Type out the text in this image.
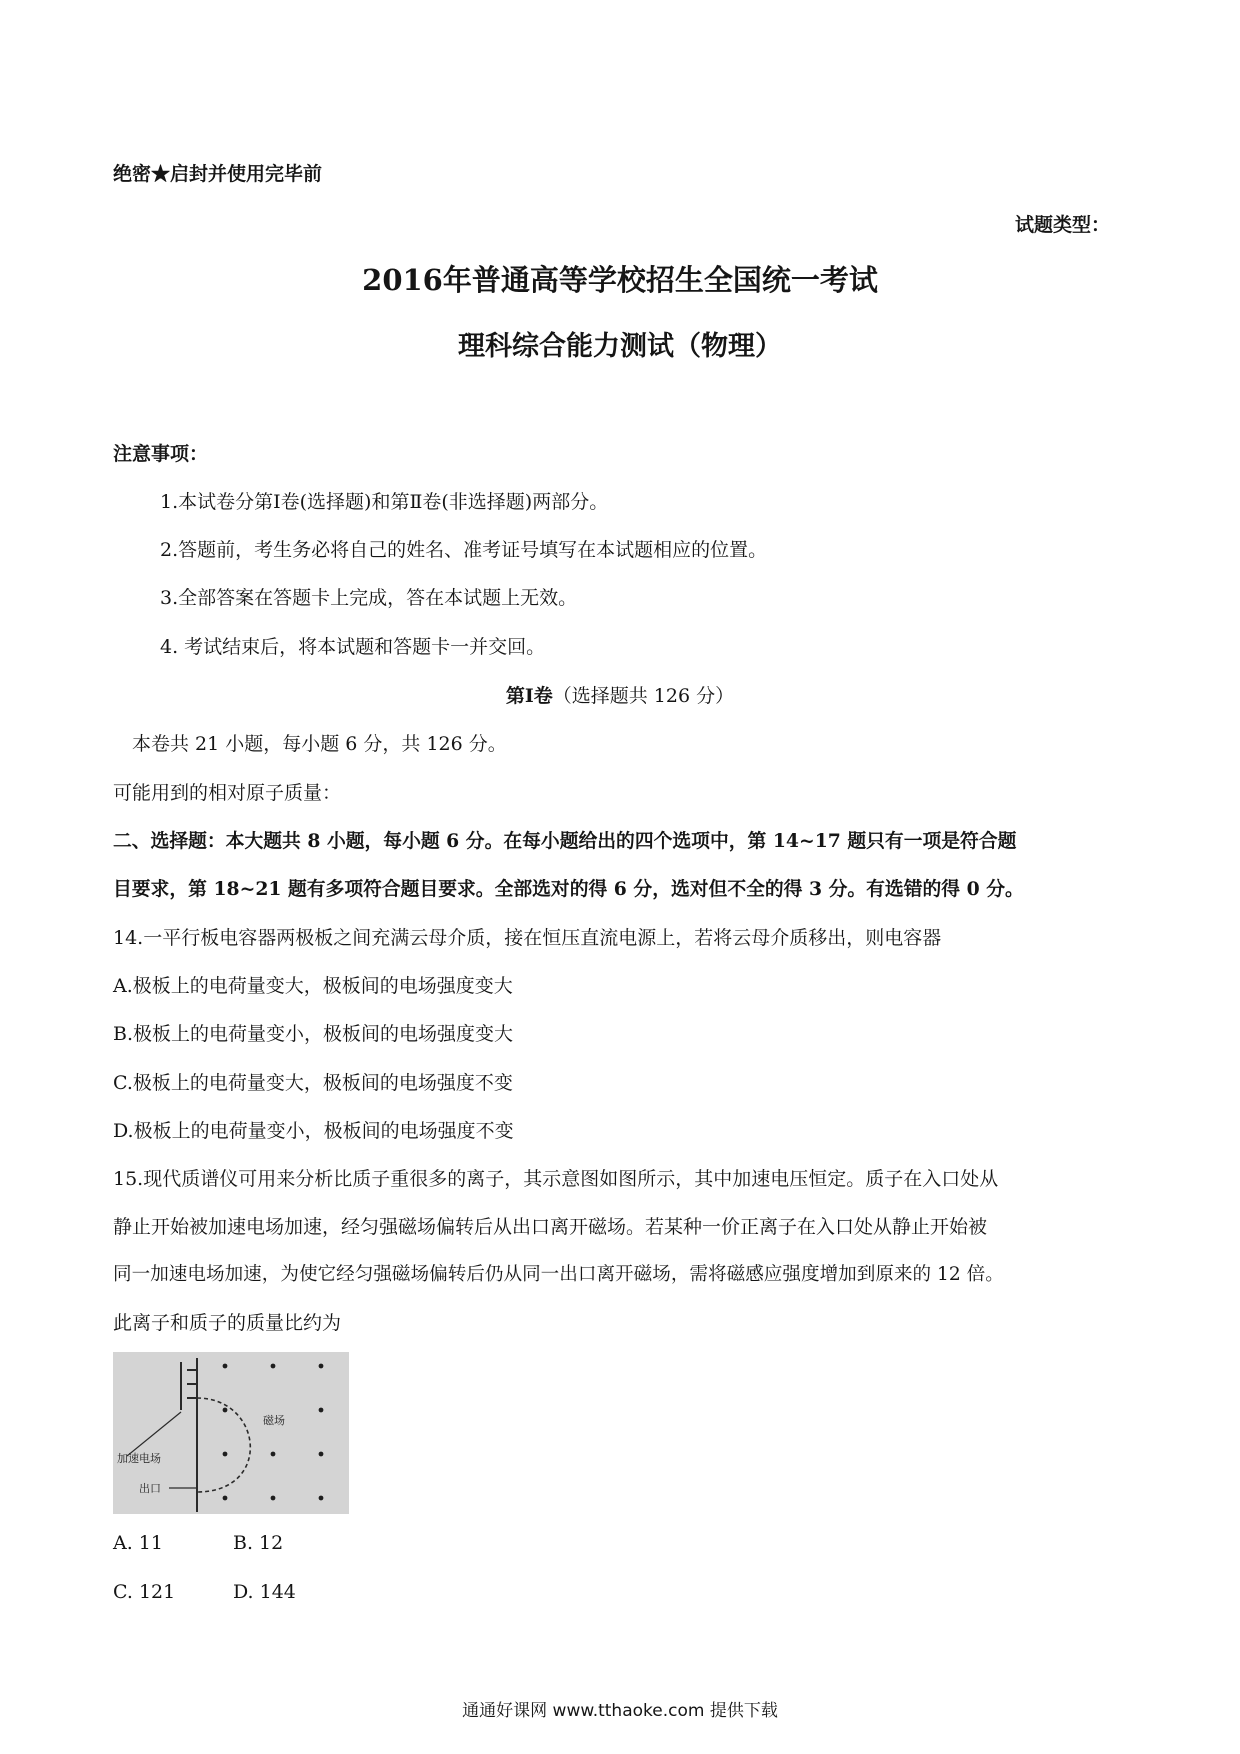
绝密★启封并使用完毕前
试题类型：
2016年普通高等学校招生全国统一考试
理科综合能力测试（物理）
注意事项：
1.本试卷分第Ⅰ卷(选择题)和第Ⅱ卷(非选择题)两部分。
2.答题前，考生务必将自己的姓名、准考证号填写在本试题相应的位置。
3.全部答案在答题卡上完成，答在本试题上无效。
4. 考试结束后，将本试题和答题卡一并交回。
第Ⅰ卷（选择题共 126 分）
本卷共 21 小题，每小题 6 分，共 126 分。
可能用到的相对原子质量：
二、选择题：本大题共 8 小题，每小题 6 分。在每小题给出的四个选项中，第 14~17 题只有一项是符合题
目要求，第 18~21 题有多项符合题目要求。全部选对的得 6 分，选对但不全的得 3 分。有选错的得 0 分。
14.一平行板电容器两极板之间充满云母介质，接在恒压直流电源上，若将云母介质移出，则电容器
A.极板上的电荷量变大，极板间的电场强度变大
B.极板上的电荷量变小，极板间的电场强度变大
C.极板上的电荷量变大，极板间的电场强度不变
D.极板上的电荷量变小，极板间的电场强度不变
15.现代质谱仪可用来分析比质子重很多的离子，其示意图如图所示，其中加速电压恒定。质子在入口处从
静止开始被加速电场加速，经匀强磁场偏转后从出口离开磁场。若某种一价正离子在入口处从静止开始被
同一加速电场加速，为使它经匀强磁场偏转后仍从同一出口离开磁场，需将磁感应强度增加到原来的 12 倍。
此离子和质子的质量比约为
磁场
加速电场
出口
A. 11	B. 12
C. 121	D. 144
通通好课网 www.tthaoke.com 提供下载
